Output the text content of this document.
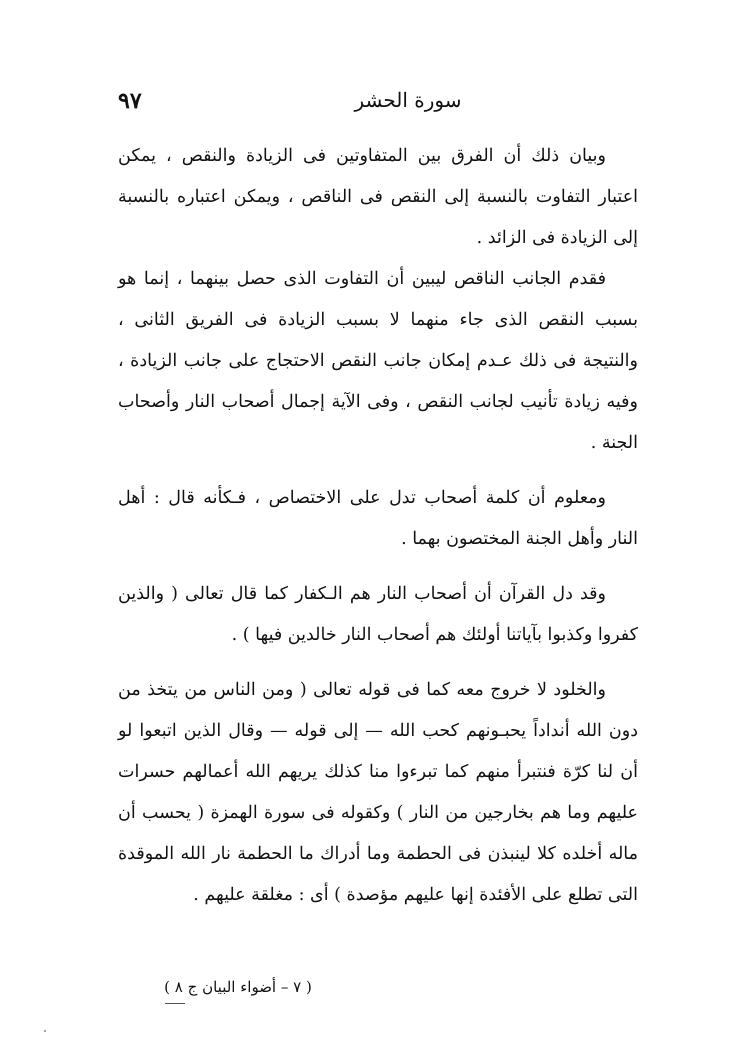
٩٧	سورة الحشر

وبيان ذلك أن الفرق بين المتفاوتين فى الزيادة والنقص ، يمكن اعتبار التفاوت بالنسبة إلى النقص فى الناقص ، ويمكن اعتباره بالنسبة إلى الزيادة فى الزائد .

فقدم الجانب الناقص ليبين أن التفاوت الذى حصل بينهما ، إنما هو بسبب النقص الذى جاء منهما لا بسبب الزيادة فى الفريق الثانى ، والنتيجة فى ذلك عـدم إمكان جانب النقص الاحتجاج على جانب الزيادة ، وفيه زيادة تأنيب لجانب النقص ، وفى الآية إجمال أصحاب النار وأصحاب الجنة .

ومعلوم أن كلمة أصحاب تدل على الاختصاص ، فـكأنه قال : أهل النار وأهل الجنة المختصون بهما .

وقد دل القرآن أن أصحاب النار هم الـكفار كما قال تعالى ( والذين كفروا وكذبوا بآياتنا أولئك هم أصحاب النار خالدين فيها ) .

والخلود لا خروج معه كما فى قوله تعالى ( ومن الناس من يتخذ من دون الله أنداداً يحبـونهم كحب الله — إلى قوله — وقال الذين اتبعوا لو أن لنا كرّة فنتبرأ منهم كما تبرءوا منا كذلك يريهم الله أعمالهم حسرات عليهم وما هم بخارجين من النار ) وكقوله فى سورة الهمزة ( يحسب أن ماله أخلده كلا لينبذن فى الحطمة وما أدراك ما الحطمة نار الله الموقدة التى تطلع على الأفئدة إنها عليهم مؤصدة ) أى : مغلقة عليهم .

( ٧ – أضواء البيان ج ٨ )
